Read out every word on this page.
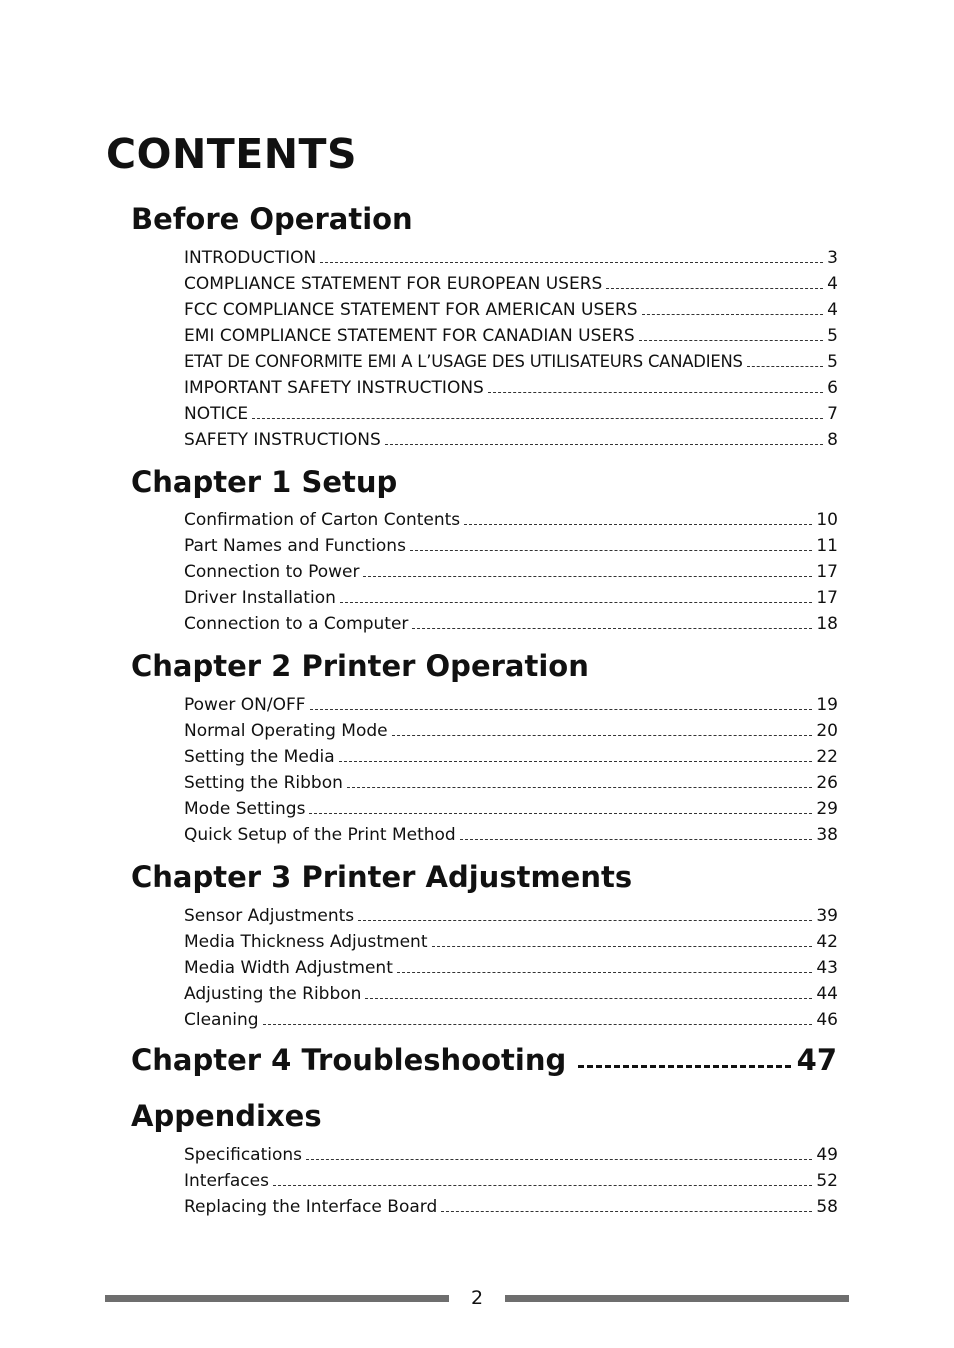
CONTENTS
Before Operation
INTRODUCTION	3
COMPLIANCE STATEMENT FOR EUROPEAN USERS	4
FCC COMPLIANCE STATEMENT FOR AMERICAN USERS	4
EMI COMPLIANCE STATEMENT FOR CANADIAN USERS	5
ETAT DE CONFORMITE EMI A L’USAGE DES UTILISATEURS CANADIENS	5
IMPORTANT SAFETY INSTRUCTIONS	6
NOTICE	7
SAFETY INSTRUCTIONS	8
Chapter 1 Setup
Confirmation of Carton Contents	10
Part Names and Functions	11
Connection to Power	17
Driver Installation	17
Connection to a Computer	18
Chapter 2 Printer Operation
Power ON/OFF	19
Normal Operating Mode	20
Setting the Media	22
Setting the Ribbon	26
Mode Settings	29
Quick Setup of the Print Method	38
Chapter 3 Printer Adjustments
Sensor Adjustments	39
Media Thickness Adjustment	42
Media Width Adjustment	43
Adjusting the Ribbon	44
Cleaning	46
Chapter 4 Troubleshooting	47
Appendixes
Specifications	49
Interfaces	52
Replacing the Interface Board	58
2
